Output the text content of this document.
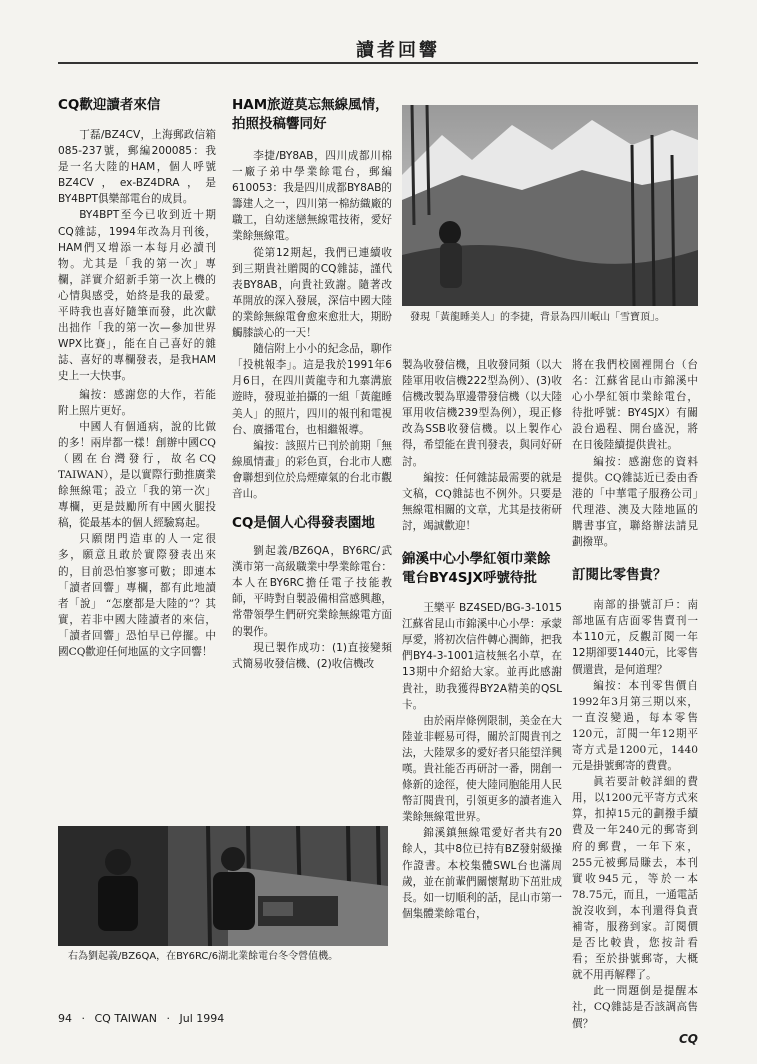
讀者回響
CQ歡迎讀者來信

丁磊/BZ4CV，上海郵政信箱085-237號，郵編200085：我是一名大陸的HAM，個人呼號BZ4CV，ex-BZ4DRA，是BY4BPT俱樂部電台的成員。

BY4BPT至今已收到近十期CQ雜誌，1994年改為月刊後，HAM們又增添一本每月必讀刊物。尤其是「我的第一次」專欄，詳實介紹新手第一次上機的心情與感受，始終是我的最愛。平時我也喜好隨筆而發，此次獻出拙作「我的第一次—參加世界WPX比賽」，能在自己喜好的雜誌、喜好的專欄發表，是我HAM史上一大快事。

編按：感謝您的大作，若能附上照片更好。

中國人有個通病，說的比做的多！兩岸都一樣！創辦中國CQ（國在台灣發行，故名CQ TAIWAN），是以實際行動推廣業餘無線電；設立「我的第一次」專欄，更是鼓勵所有中國火腿投稿，從最基本的個人經驗寫起。

只願閉門造車的人一定很多，願意且敢於實際發表出來的，目前恐怕寥寥可數；即連本「讀者回響」專欄，都有此地讀者「說」 “怎麼都是大陸的”？其實，若非中國大陸讀者的來信，「讀者回響」恐怕早已停擺。中國CQ歡迎任何地區的文字回響！

HAM旅遊莫忘無線風情，拍照投稿響同好

李捷/BY8AB，四川成都川棉一廠子弟中學業餘電台，郵編610053：我是四川成都BY8AB的籌建人之一，四川第一棉紡織廠的職工，自幼迷戀無線電技術，愛好業餘無線電。

從第12期起，我們已連續收到三期貴社贈閱的CQ雜誌，謹代表BY8AB，向貴社致謝。隨著改革開放的深入發展，深信中國大陸的業餘無線電會愈來愈壯大，期盼觸膝談心的一天！

隨信附上小小的紀念品，聊作「投桃報李」。這是我於1991年6月6日，在四川黃龍寺和九寨溝旅遊時，發現並拍攝的一組「黃龍睡美人」的照片，四川的報刊和電視台、廣播電台，也相繼報導。

編按：該照片已刊於前期「無線風情畫」的彩色頁，台北市人應會聯想到位於烏煙瘴氣的台北市觀音山。

CQ是個人心得發表園地

劉起義/BZ6QA，BY6RC/武漢市第一高級職業中學業餘電台：本人在BY6RC擔任電子技能教師，平時對自製設備相當感興趣，常帶領學生們研究業餘無線電方面的製作。

現已製作成功：(1)直接變頻式簡易收發信機、(2)收信機改

發現「黃龍睡美人」的李捷，背景為四川岷山「雪寶頂」。

製為收發信機，且收發同頻（以大陸軍用收信機222型為例）、(3)收信機改製為單邊帶發信機（以大陸軍用收信機239型為例），現正修改為SSB收發信機。以上製作心得，希望能在貴刊發表，與同好研討。

編按：任何雜誌最需要的就是文稿，CQ雜誌也不例外。只要是無線電相關的文章，尤其是技術研討，竭誠歡迎！

錦溪中心小學紅領巾業餘電台BY4SJX呼號待批

王樂平 BZ4SED/BG-3-1015江蘇省昆山市錦溪中心小學：承蒙厚愛，將初次信件轉心潤飾，把我們BY4-3-1001這枝無名小草，在13期中介紹給大家。並再此感謝貴社，助我獲得BY2A精美的QSL卡。

由於兩岸條例限制，美金在大陸並非輕易可得，關於訂閱貴刊之法，大陸眾多的愛好者只能望洋興嘆。貴社能否再研討一番，開創一條新的途徑，使大陸同胞能用人民幣訂閱貴刊，引領更多的讀者進入業餘無線電世界。

錦溪鎮無線電愛好者共有20餘人，其中8位已持有BZ發射級操作證書。本校集體SWL台也滿周歲，並在前輩們關懷幫助下茁壯成長。如一切順利的話，昆山市第一個集體業餘電台，

將在我們校園裡開台（台名：江蘇省昆山市錦溪中心小學紅領巾業餘電台，待批呼號：BY4SJX）有關設台過程、開台盛況，將在日後陸續提供貴社。

編按：感謝您的資料提供。CQ雜誌近已委由香港的「中華電子服務公司」代理港、澳及大陸地區的購書事宜，聯絡辦法請見劃撥單。

訂閱比零售貴？

南部的掛號訂戶：南部地區有店面零售賣刊一本110元，反觀訂閱一年12期卻要1440元，比零售價還貴，是何道理？

編按：本刊零售價自1992年3月第三期以來，一直沒變過，每本零售120元，訂閱一年12期平寄方式是1200元，1440元是掛號郵寄的費費。

眞若要計較詳細的費用，以1200元平寄方式來算，扣掉15元的劃撥手續費及一年240元的郵寄到府的郵費，一年下來，255元被郵局賺去，本刊實收945元，等於一本78.75元，而且，一通電話說沒收到，本刊還得負責補寄，服務到家。訂閱價是否比較貴，您按計看看；至於掛號郵寄，大概就不用再解釋了。

此一問題倒是提醒本社，CQ雜誌是否該調高售價？

CQ
右為劉起義/BZ6QA，在BY6RC/6湖北業餘電台冬令營值機。
94 · CQ TAIWAN · Jul 1994
